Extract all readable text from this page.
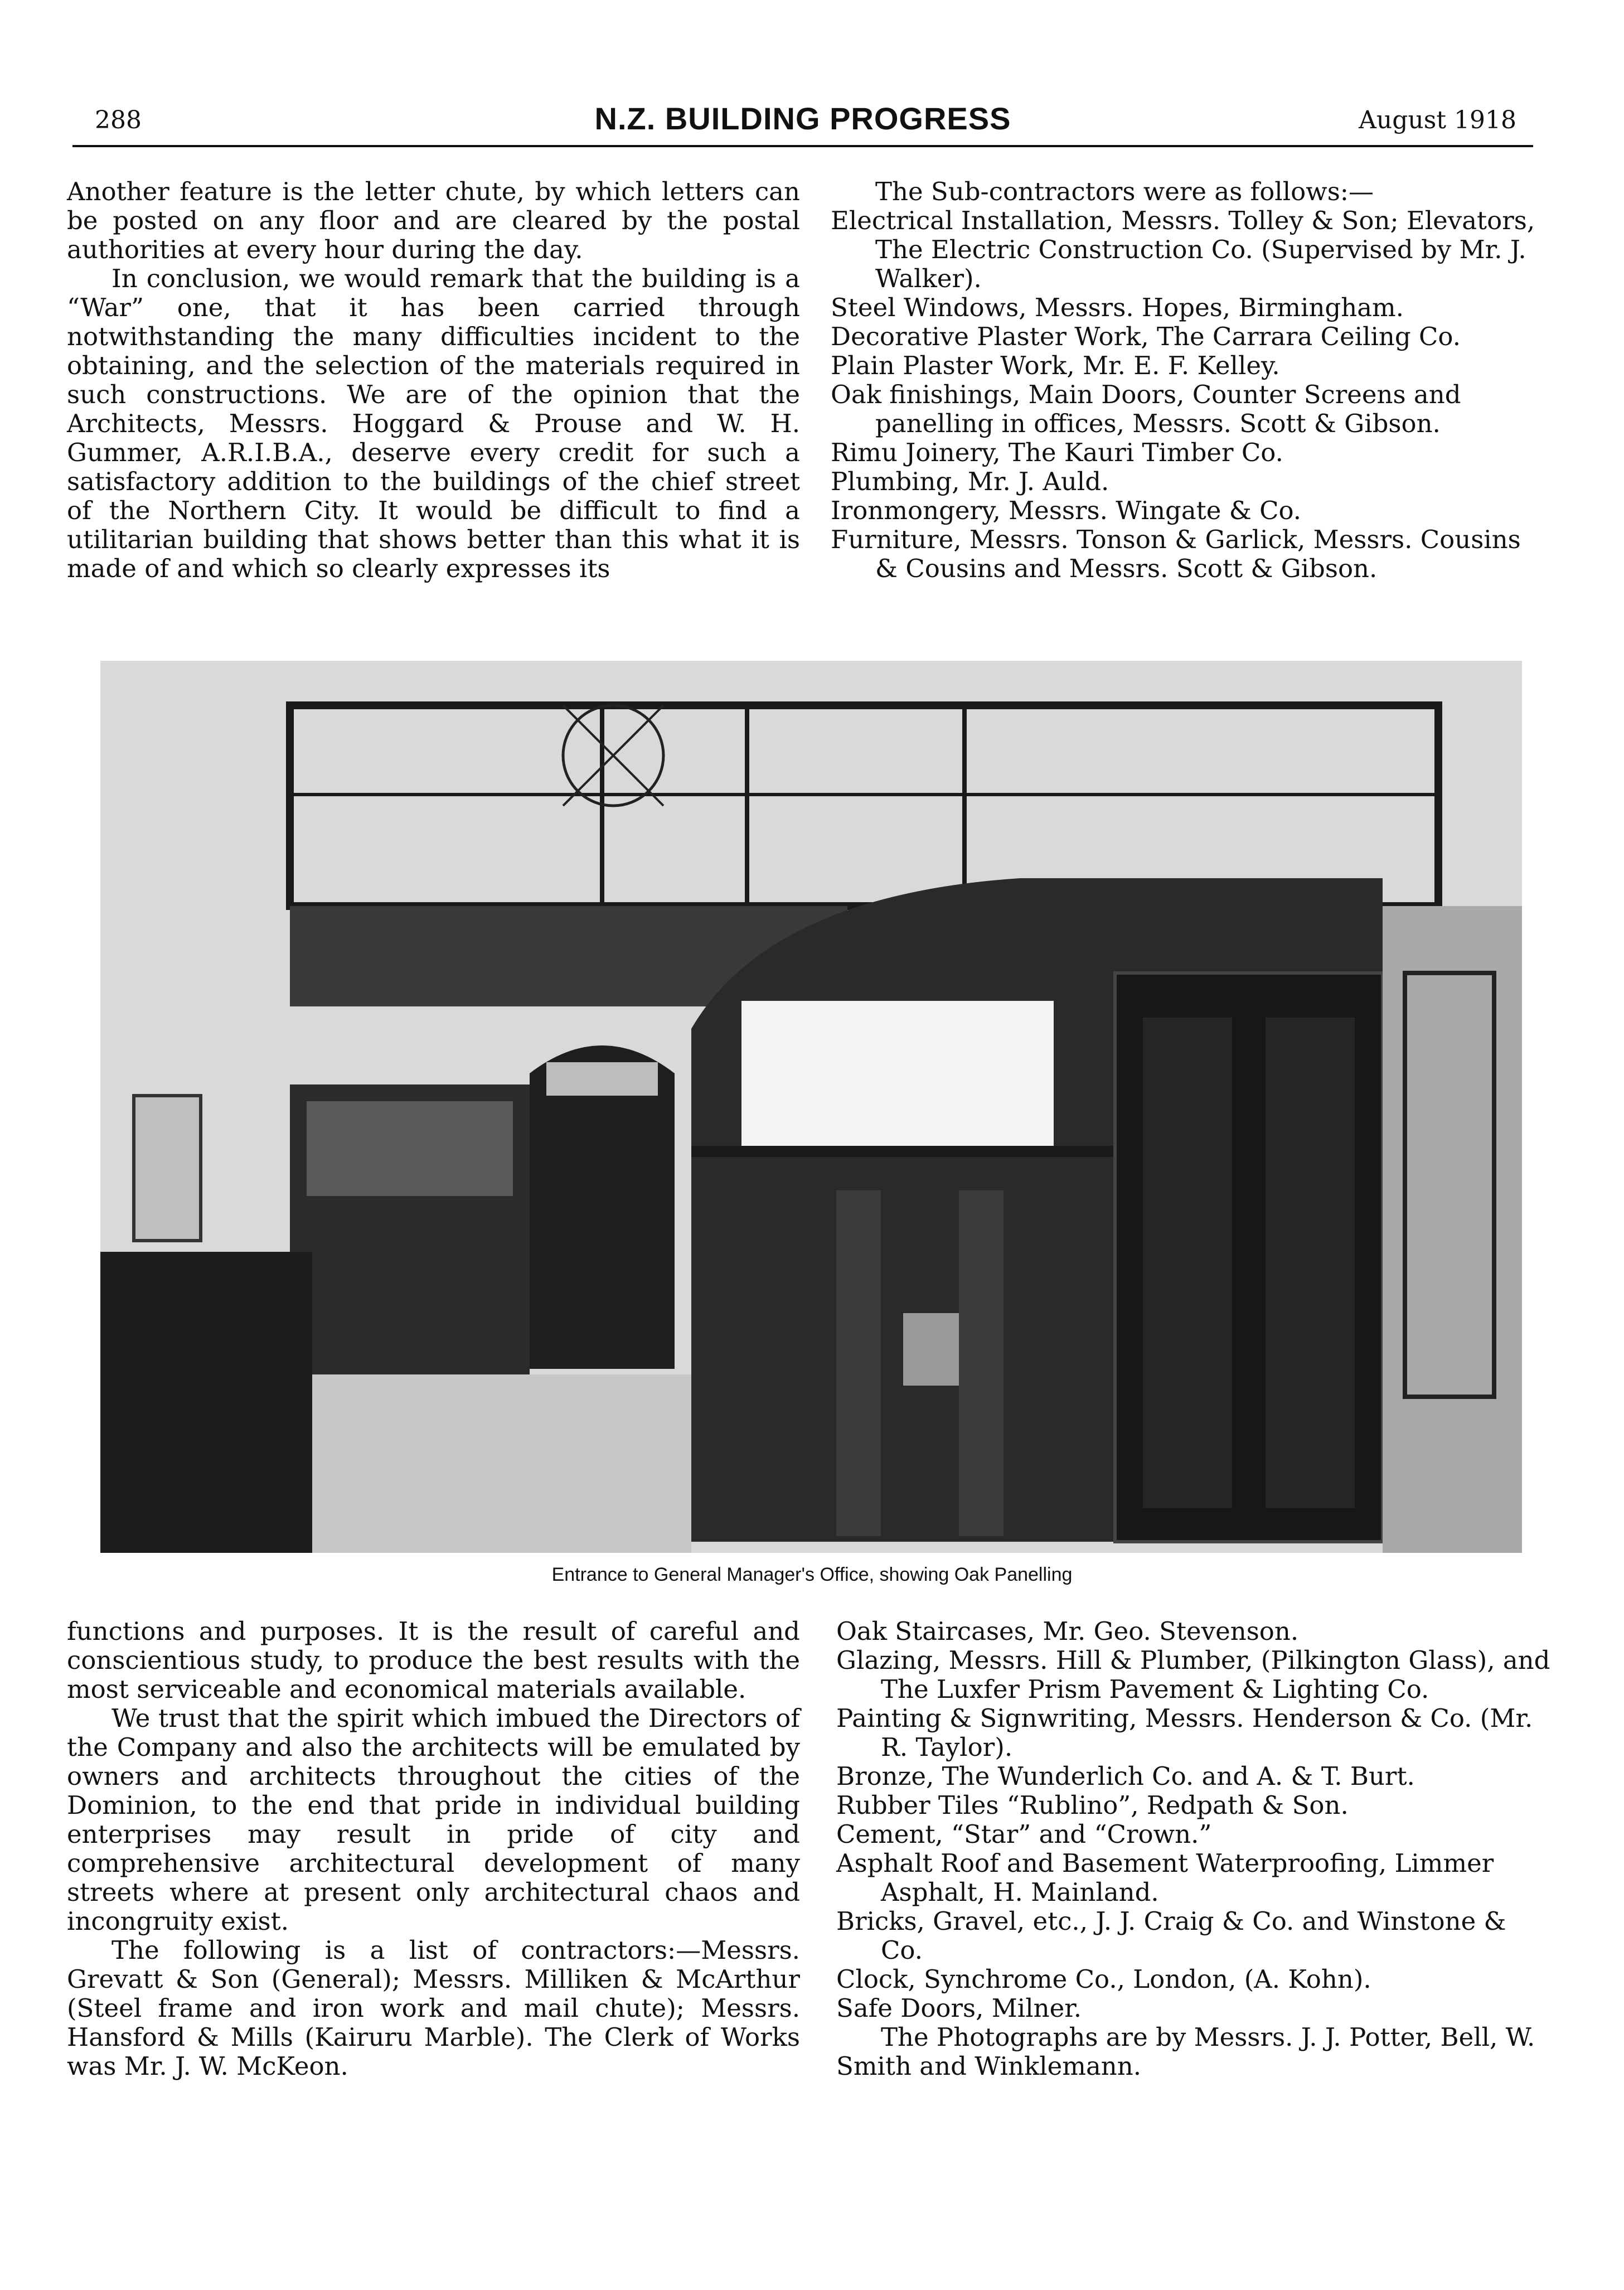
288	N.Z. BUILDING PROGRESS	August 1918

Another feature is the letter chute, by which letters can be posted on any floor and are cleared by the postal authorities at every hour during the day.

In conclusion, we would remark that the building is a “War” one, that it has been carried through notwithstanding the many difficulties incident to the obtaining, and the selection of the materials required in such constructions. We are of the opinion that the Architects, Messrs. Hoggard & Prouse and W. H. Gummer, A.R.I.B.A., deserve every credit for such a satisfactory addition to the buildings of the chief street of the Northern City. It would be difficult to find a utilitarian building that shows better than this what it is made of and which so clearly expresses its

The Sub-contractors were as follows:—

Electrical Installation, Messrs. Tolley & Son; Elevators, The Electric Construction Co. (Supervised by Mr. J. Walker).

Steel Windows, Messrs. Hopes, Birmingham.

Decorative Plaster Work, The Carrara Ceiling Co.

Plain Plaster Work, Mr. E. F. Kelley.

Oak finishings, Main Doors, Counter Screens and panelling in offices, Messrs. Scott & Gibson.

Rimu Joinery, The Kauri Timber Co.

Plumbing, Mr. J. Auld.

Ironmongery, Messrs. Wingate & Co.

Furniture, Messrs. Tonson & Garlick, Messrs. Cousins & Cousins and Messrs. Scott & Gibson.

Entrance to General Manager's Office, showing Oak Panelling

functions and purposes. It is the result of careful and conscientious study, to produce the best results with the most serviceable and economical materials available.

We trust that the spirit which imbued the Directors of the Company and also the architects will be emulated by owners and architects throughout the cities of the Dominion, to the end that pride in individual building enterprises may result in pride of city and comprehensive architectural development of many streets where at present only architectural chaos and incongruity exist.

The following is a list of contractors:—Messrs. Grevatt & Son (General); Messrs. Milliken & McArthur (Steel frame and iron work and mail chute); Messrs. Hansford & Mills (Kairuru Marble). The Clerk of Works was Mr. J. W. McKeon.

Oak Staircases, Mr. Geo. Stevenson.

Glazing, Messrs. Hill & Plumber, (Pilkington Glass), and The Luxfer Prism Pavement & Lighting Co.

Painting & Signwriting, Messrs. Henderson & Co. (Mr. R. Taylor).

Bronze, The Wunderlich Co. and A. & T. Burt.

Rubber Tiles “Rublino”, Redpath & Son.

Cement, “Star” and “Crown.”

Asphalt Roof and Basement Waterproofing, Limmer Asphalt, H. Mainland.

Bricks, Gravel, etc., J. J. Craig & Co. and Winstone & Co.

Clock, Synchrome Co., London, (A. Kohn).

Safe Doors, Milner.

The Photographs are by Messrs. J. J. Potter, Bell, W. Smith and Winklemann.
